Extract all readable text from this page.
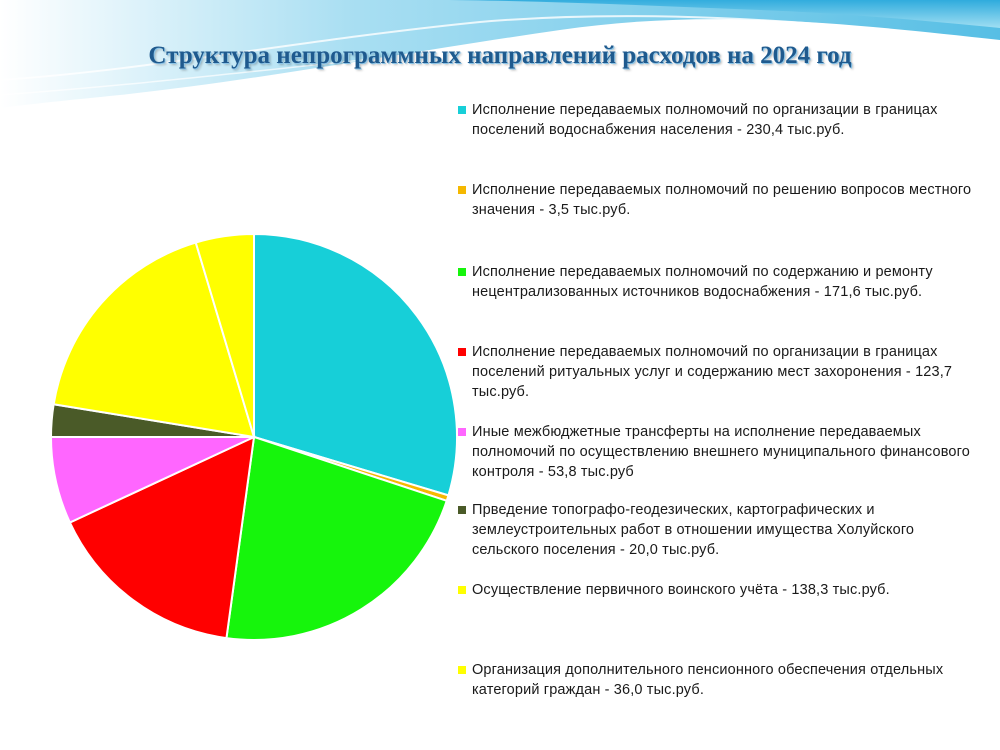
Структура непрограммных направлений расходов на 2024 год
Исполнение передаваемых полномочий по организации в границах поселений водоснабжения населения - 230,4 тыс.руб.
Исполнение передаваемых полномочий по решению вопросов местного значения - 3,5 тыс.руб.
Исполнение передаваемых полномочий по содержанию и ремонту нецентрализованных источников водоснабжения - 171,6 тыс.руб.
Исполнение передаваемых полномочий по организации в границах поселений ритуальных услуг и содержанию мест захоронения - 123,7 тыс.руб.
Иные межбюджетные трансферты на исполнение передаваемых полномочий по осуществлению внешнего муниципального финансового контроля - 53,8 тыс.руб
Прведение топографо-геодезических, картографических и землеустроительных работ в отношении имущества Холуйского сельского поселения - 20,0 тыс.руб.
Осуществление первичного воинского учёта - 138,3 тыс.руб.
Организация дополнительного пенсионного обеспечения отдельных категорий граждан - 36,0 тыс.руб.
